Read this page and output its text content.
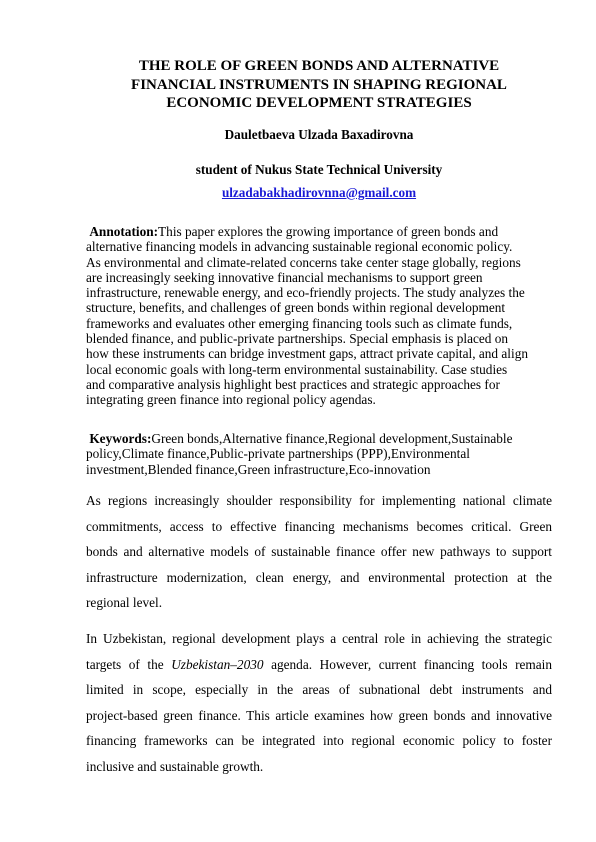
THE ROLE OF GREEN BONDS AND ALTERNATIVE
FINANCIAL INSTRUMENTS IN SHAPING REGIONAL
ECONOMIC DEVELOPMENT STRATEGIES

Dauletbaeva Ulzada Baxadirovna

student of Nukus State Technical University

ulzadabakhadirovnna@gmail.com

Annotation:This paper explores the growing importance of green bonds and
alternative financing models in advancing sustainable regional economic policy.
As environmental and climate-related concerns take center stage globally, regions
are increasingly seeking innovative financial mechanisms to support green
infrastructure, renewable energy, and eco-friendly projects. The study analyzes the
structure, benefits, and challenges of green bonds within regional development
frameworks and evaluates other emerging financing tools such as climate funds,
blended finance, and public-private partnerships. Special emphasis is placed on
how these instruments can bridge investment gaps, attract private capital, and align
local economic goals with long-term environmental sustainability. Case studies
and comparative analysis highlight best practices and strategic approaches for
integrating green finance into regional policy agendas.

Keywords:Green bonds,Alternative finance,Regional development,Sustainable
policy,Climate finance,Public-private partnerships (PPP),Environmental
investment,Blended finance,Green infrastructure,Eco-innovation

As regions increasingly shoulder responsibility for implementing national climate
commitments, access to effective financing mechanisms becomes critical. Green
bonds and alternative models of sustainable finance offer new pathways to support
infrastructure modernization, clean energy, and environmental protection at the
regional level.

In Uzbekistan, regional development plays a central role in achieving the strategic
targets of the Uzbekistan–2030 agenda. However, current financing tools remain
limited in scope, especially in the areas of subnational debt instruments and
project-based green finance. This article examines how green bonds and innovative
financing frameworks can be integrated into regional economic policy to foster
inclusive and sustainable growth.
